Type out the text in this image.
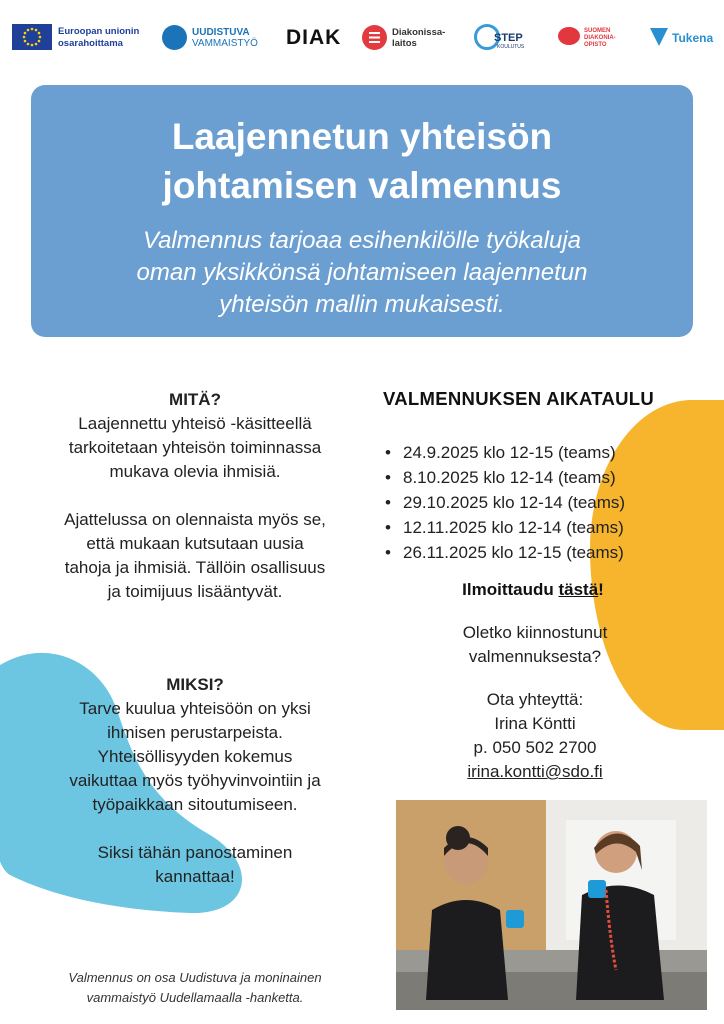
Euroopan unionin
osarahoittama
UUDISTUVA
VAMMAISTYÖ DIAK	Diakonissa-
laitos	STEP
KOULUTUS
SUOMEN
DIAKONIA-
OPISTO	Tukena
Laajennetun yhteisön
johtamisen valmennus
Valmennus tarjoaa esihenkilölle työkaluja
oman yksikkönsä johtamiseen laajennetun
yhteisön mallin mukaisesti.
MITÄ?
Laajennettu yhteisö -käsitteellä
tarkoitetaan yhteisön toiminnassa
mukava olevia ihmisiä.
Ajattelussa on olennaista myös se,
että mukaan kutsutaan uusia
tahoja ja ihmisiä. Tällöin osallisuus
ja toimijuus lisääntyvät.
MIKSI?
Tarve kuulua yhteisöön on yksi
ihmisen perustarpeista.
Yhteisöllisyyden kokemus
vaikuttaa myös työhyvinvointiin ja
työpaikkaan sitoutumiseen.
Siksi tähän panostaminen
kannattaa!
VALMENNUKSEN AIKATAULU
• 24.9.2025 klo 12-15 (teams)
• 8.10.2025 klo 12-14 (teams)
• 29.10.2025 klo 12-14 (teams)
• 12.11.2025 klo 12-14 (teams)
• 26.11.2025 klo 12-15 (teams)
Ilmoittaudu tästä!
Oletko kiinnostunut
valmennuksesta?
Ota yhteyttä:
Irina Köntti
p. 050 502 2700
irina.kontti@sdo.fi
Valmennus on osa Uudistuva ja moninainen
vammaistyö Uudellamaalla -hanketta.
